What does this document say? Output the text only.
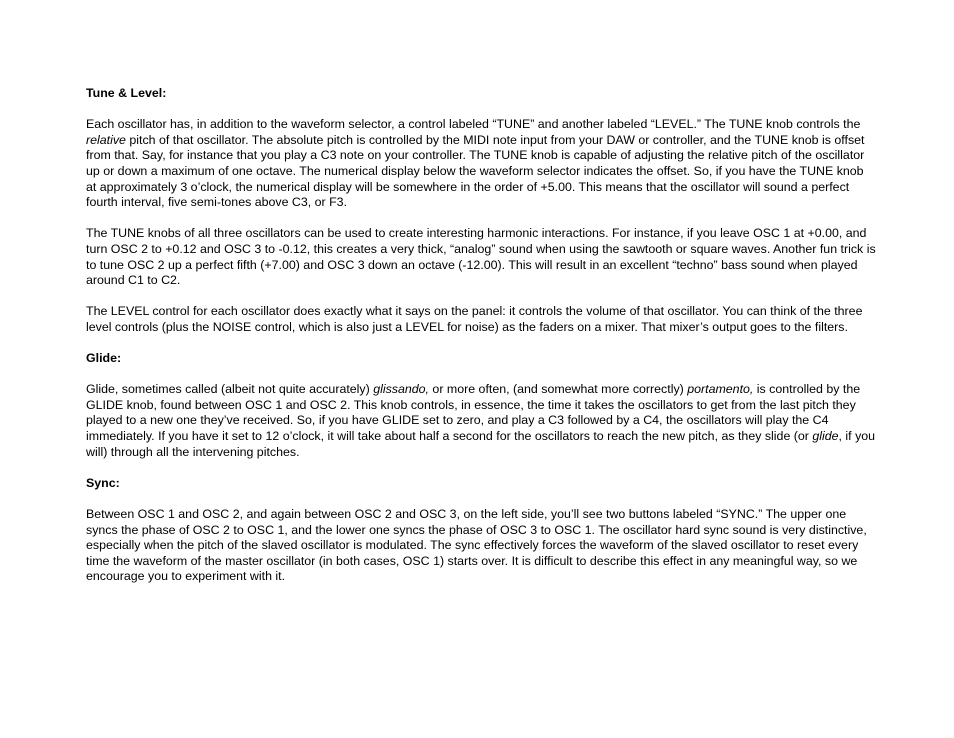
Tune & Level:

Each oscillator has, in addition to the waveform selector, a control labeled “TUNE” and another labeled “LEVEL.” The TUNE knob controls the relative pitch of that oscillator. The absolute pitch is controlled by the MIDI note input from your DAW or controller, and the TUNE knob is offset from that. Say, for instance that you play a C3 note on your controller. The TUNE knob is capable of adjusting the relative pitch of the oscillator up or down a maximum of one octave. The numerical display below the waveform selector indicates the offset. So, if you have the TUNE knob at approximately 3 o’clock, the numerical display will be somewhere in the order of +5.00. This means that the oscillator will sound a perfect fourth interval, five semi-tones above C3, or F3.

The TUNE knobs of all three oscillators can be used to create interesting harmonic interactions. For instance, if you leave OSC 1 at +0.00, and turn OSC 2 to +0.12 and OSC 3 to -0.12, this creates a very thick, “analog” sound when using the sawtooth or square waves. Another fun trick is to tune OSC 2 up a perfect fifth (+7.00) and OSC 3 down an octave (-12.00). This will result in an excellent “techno” bass sound when played around C1 to C2.

The LEVEL control for each oscillator does exactly what it says on the panel: it controls the volume of that oscillator. You can think of the three level controls (plus the NOISE control, which is also just a LEVEL for noise) as the faders on a mixer. That mixer’s output goes to the filters.

Glide:

Glide, sometimes called (albeit not quite accurately) glissando, or more often, (and somewhat more correctly) portamento, is controlled by the GLIDE knob, found between OSC 1 and OSC 2. This knob controls, in essence, the time it takes the oscillators to get from the last pitch they played to a new one they’ve received. So, if you have GLIDE set to zero, and play a C3 followed by a C4, the oscillators will play the C4 immediately. If you have it set to 12 o’clock, it will take about half a second for the oscillators to reach the new pitch, as they slide (or glide, if you will) through all the intervening pitches.

Sync:

Between OSC 1 and OSC 2, and again between OSC 2 and OSC 3, on the left side, you’ll see two buttons labeled “SYNC.” The upper one syncs the phase of OSC 2 to OSC 1, and the lower one syncs the phase of OSC 3 to OSC 1. The oscillator hard sync sound is very distinctive, especially when the pitch of the slaved oscillator is modulated. The sync effectively forces the waveform of the slaved oscillator to reset every time the waveform of the master oscillator (in both cases, OSC 1) starts over. It is difficult to describe this effect in any meaningful way, so we encourage you to experiment with it.
